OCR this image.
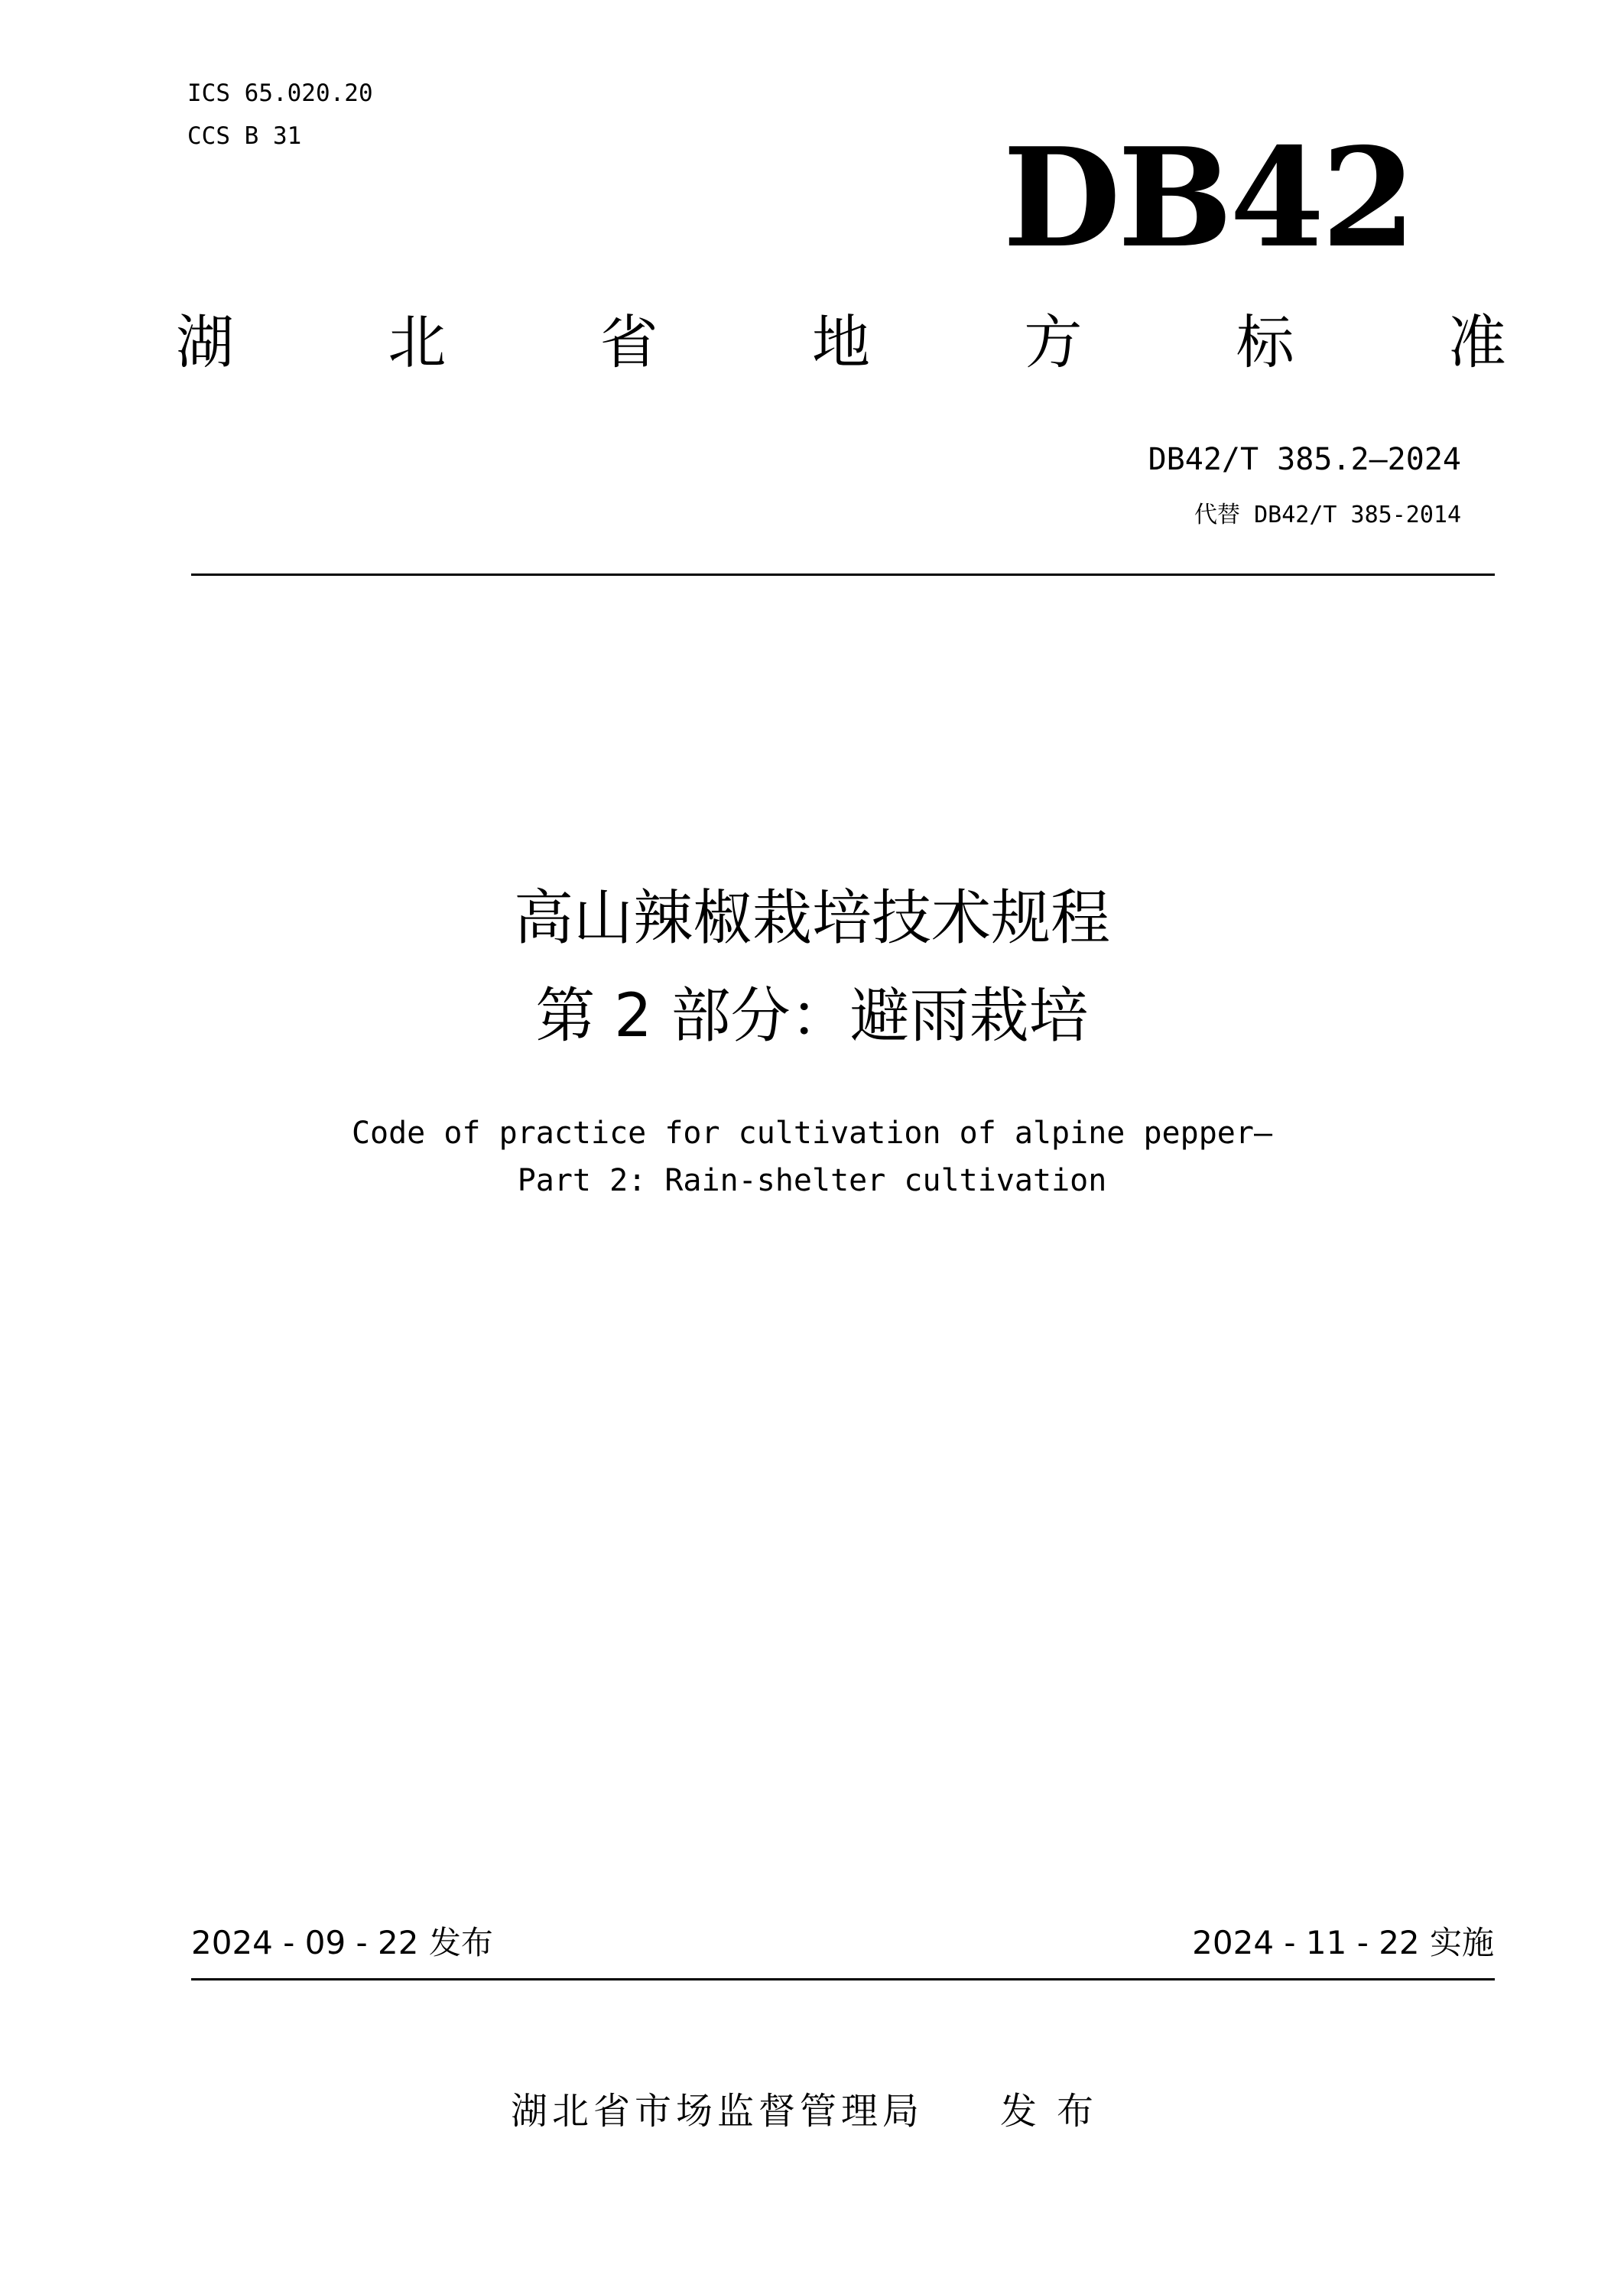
ICS 65.020.20
CCS B 31	DB42
湖	北	省	地	方	标	准
DB42/T 385.2—2024
代替 DB42/T 385-2014
高山辣椒栽培技术规程
第 2 部分：避雨栽培
Code of practice for cultivation of alpine pepper—
Part 2: Rain-shelter cultivation
2024 - 09 - 22 发布	2024 - 11 - 22 实施
湖北省市场监督管理局 发布
